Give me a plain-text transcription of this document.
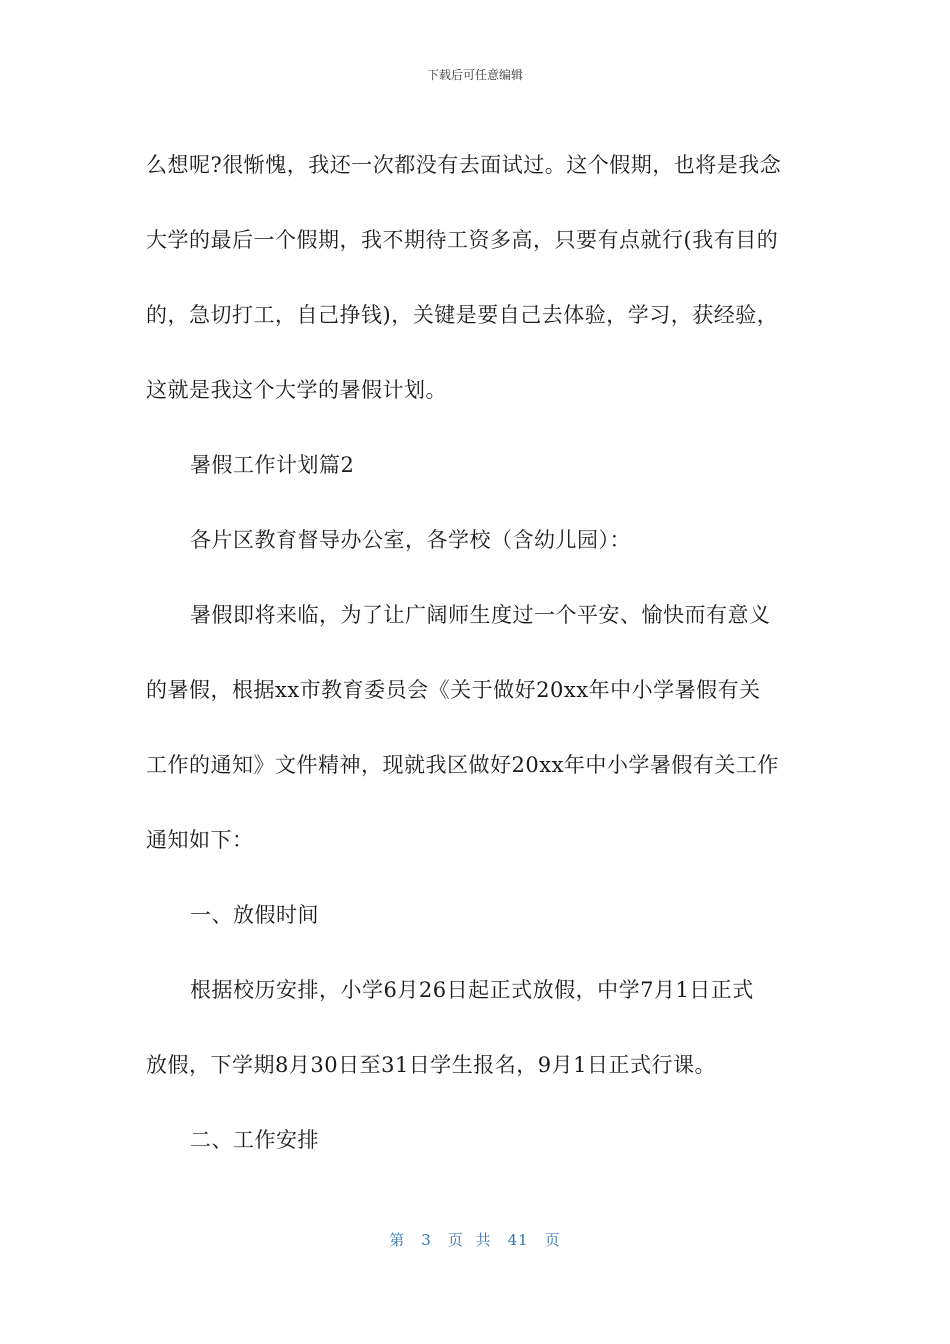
下载后可任意编辑
么想呢?很惭愧，我还一次都没有去面试过。这个假期，也将是我念
大学的最后一个假期，我不期待工资多高，只要有点就行(我有目的
的，急切打工，自己挣钱)，关键是要自己去体验，学习，获经验，
这就是我这个大学的暑假计划。
暑假工作计划篇2
各片区教育督导办公室，各学校（含幼儿园）：
暑假即将来临，为了让广阔师生度过一个平安、愉快而有意义
的暑假，根据xx市教育委员会《关于做好20xx年中小学暑假有关
工作的通知》文件精神，现就我区做好20xx年中小学暑假有关工作
通知如下：
一、放假时间
根据校历安排，小学6月26日起正式放假，中学7月1日正式
放假，下学期8月30日至31日学生报名，9月1日正式行课。
二、工作安排
第 3 页 共 41 页
